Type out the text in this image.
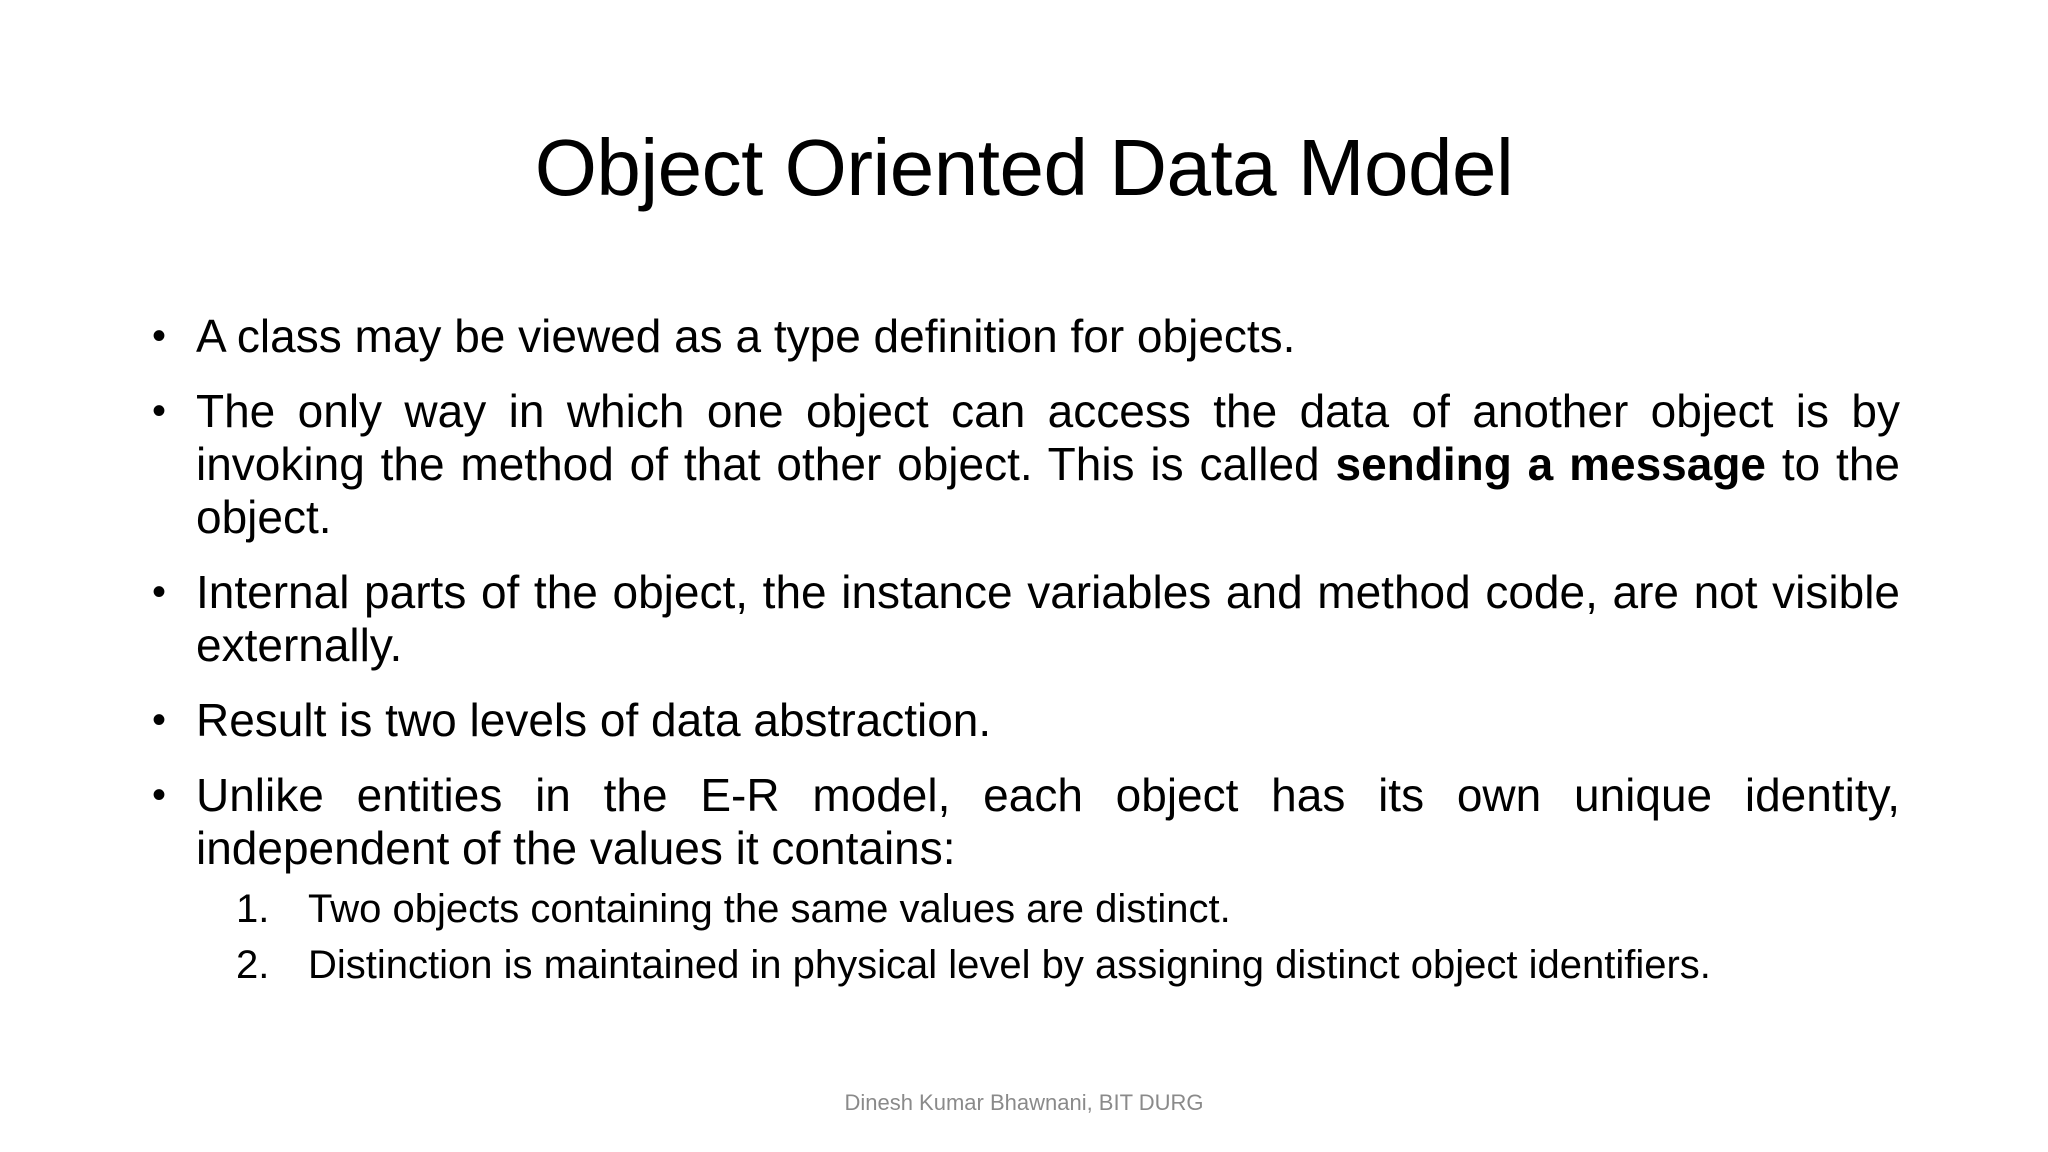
Object Oriented Data Model
• A class may be viewed as a type definition for objects.
• The only way in which one object can access the data of another object is by invoking the method of that other object. This is called sending a message to the object.
• Internal parts of the object, the instance variables and method code, are not visible externally.
• Result is two levels of data abstraction.
• Unlike entities in the E-R model, each object has its own unique identity, independent of the values it contains:
1. Two objects containing the same values are distinct.
2. Distinction is maintained in physical level by assigning distinct object identifiers.
Dinesh Kumar Bhawnani, BIT DURG
